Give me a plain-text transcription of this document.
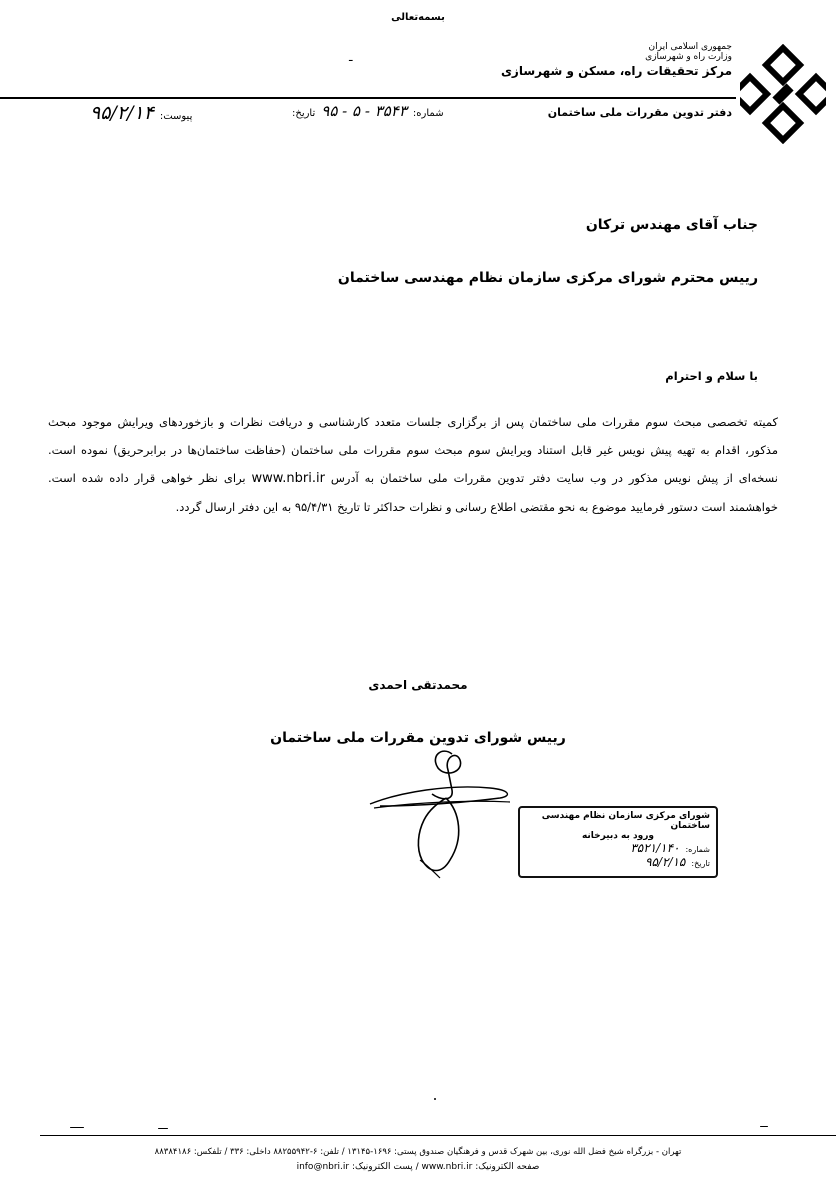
بسمه‌تعالی
ـ
جمهوری اسلامی ایران
وزارت راه و شهرسازی
مرکز تحقیقات راه، مسکن و شهرسازی
دفتر تدوین مقررات ملی ساختمان
شماره:
۳۵۴۳ - ۵ - ۹۵
تاریخ:
پیوست:
۹۵/۲/۱۴
جناب آقای مهندس ترکان
رییس محترم شورای مرکزی سازمان نظام مهندسی ساختمان
با سلام و احترام
کمیته تخصصی مبحث سوم مقررات ملی ساختمان پس از برگزاری جلسات متعدد کارشناسی و دریافت نظرات و بازخوردهای ویرایش موجود مبحث مذکور، اقدام به تهیه پیش نویس غیر قابل استناد ویرایش سوم مبحث سوم مقررات ملی ساختمان (حفاظت ساختمان‌ها در برابرحریق) نموده است. نسخه‌ای از پیش نویس مذکور در وب سایت دفتر تدوین مقررات ملی ساختمان به آدرس www.nbri.ir برای نظر خواهی قرار داده شده است. خواهشمند است دستور فرمایید موضوع به نحو مقتضی اطلاع رسانی و نظرات حداکثر تا تاریخ ۹۵/۴/۳۱ به این دفتر ارسال گردد.
محمدتقی احمدی
رییس شورای تدوین مقررات ملی ساختمان
شورای مرکزی سازمان نظام مهندسی ساختمان
ورود به دبیرخانه
شماره:
۳۵۲۱/۱۴۰
تاریخ:
۹۵/۲/۱۵
تهران - بزرگراه شیخ فضل الله نوری، بین شهرک قدس و فرهنگیان صندوق پستی: ۱۶۹۶-۱۳۱۴۵ / تلفن: ۶-۸۸۲۵۵۹۴۲ داخلی: ۳۳۶ / تلفکس: ۸۸۳۸۴۱۸۶
صفحه الکترونیک: www.nbri.ir / پست الکترونیک: info@nbri.ir
